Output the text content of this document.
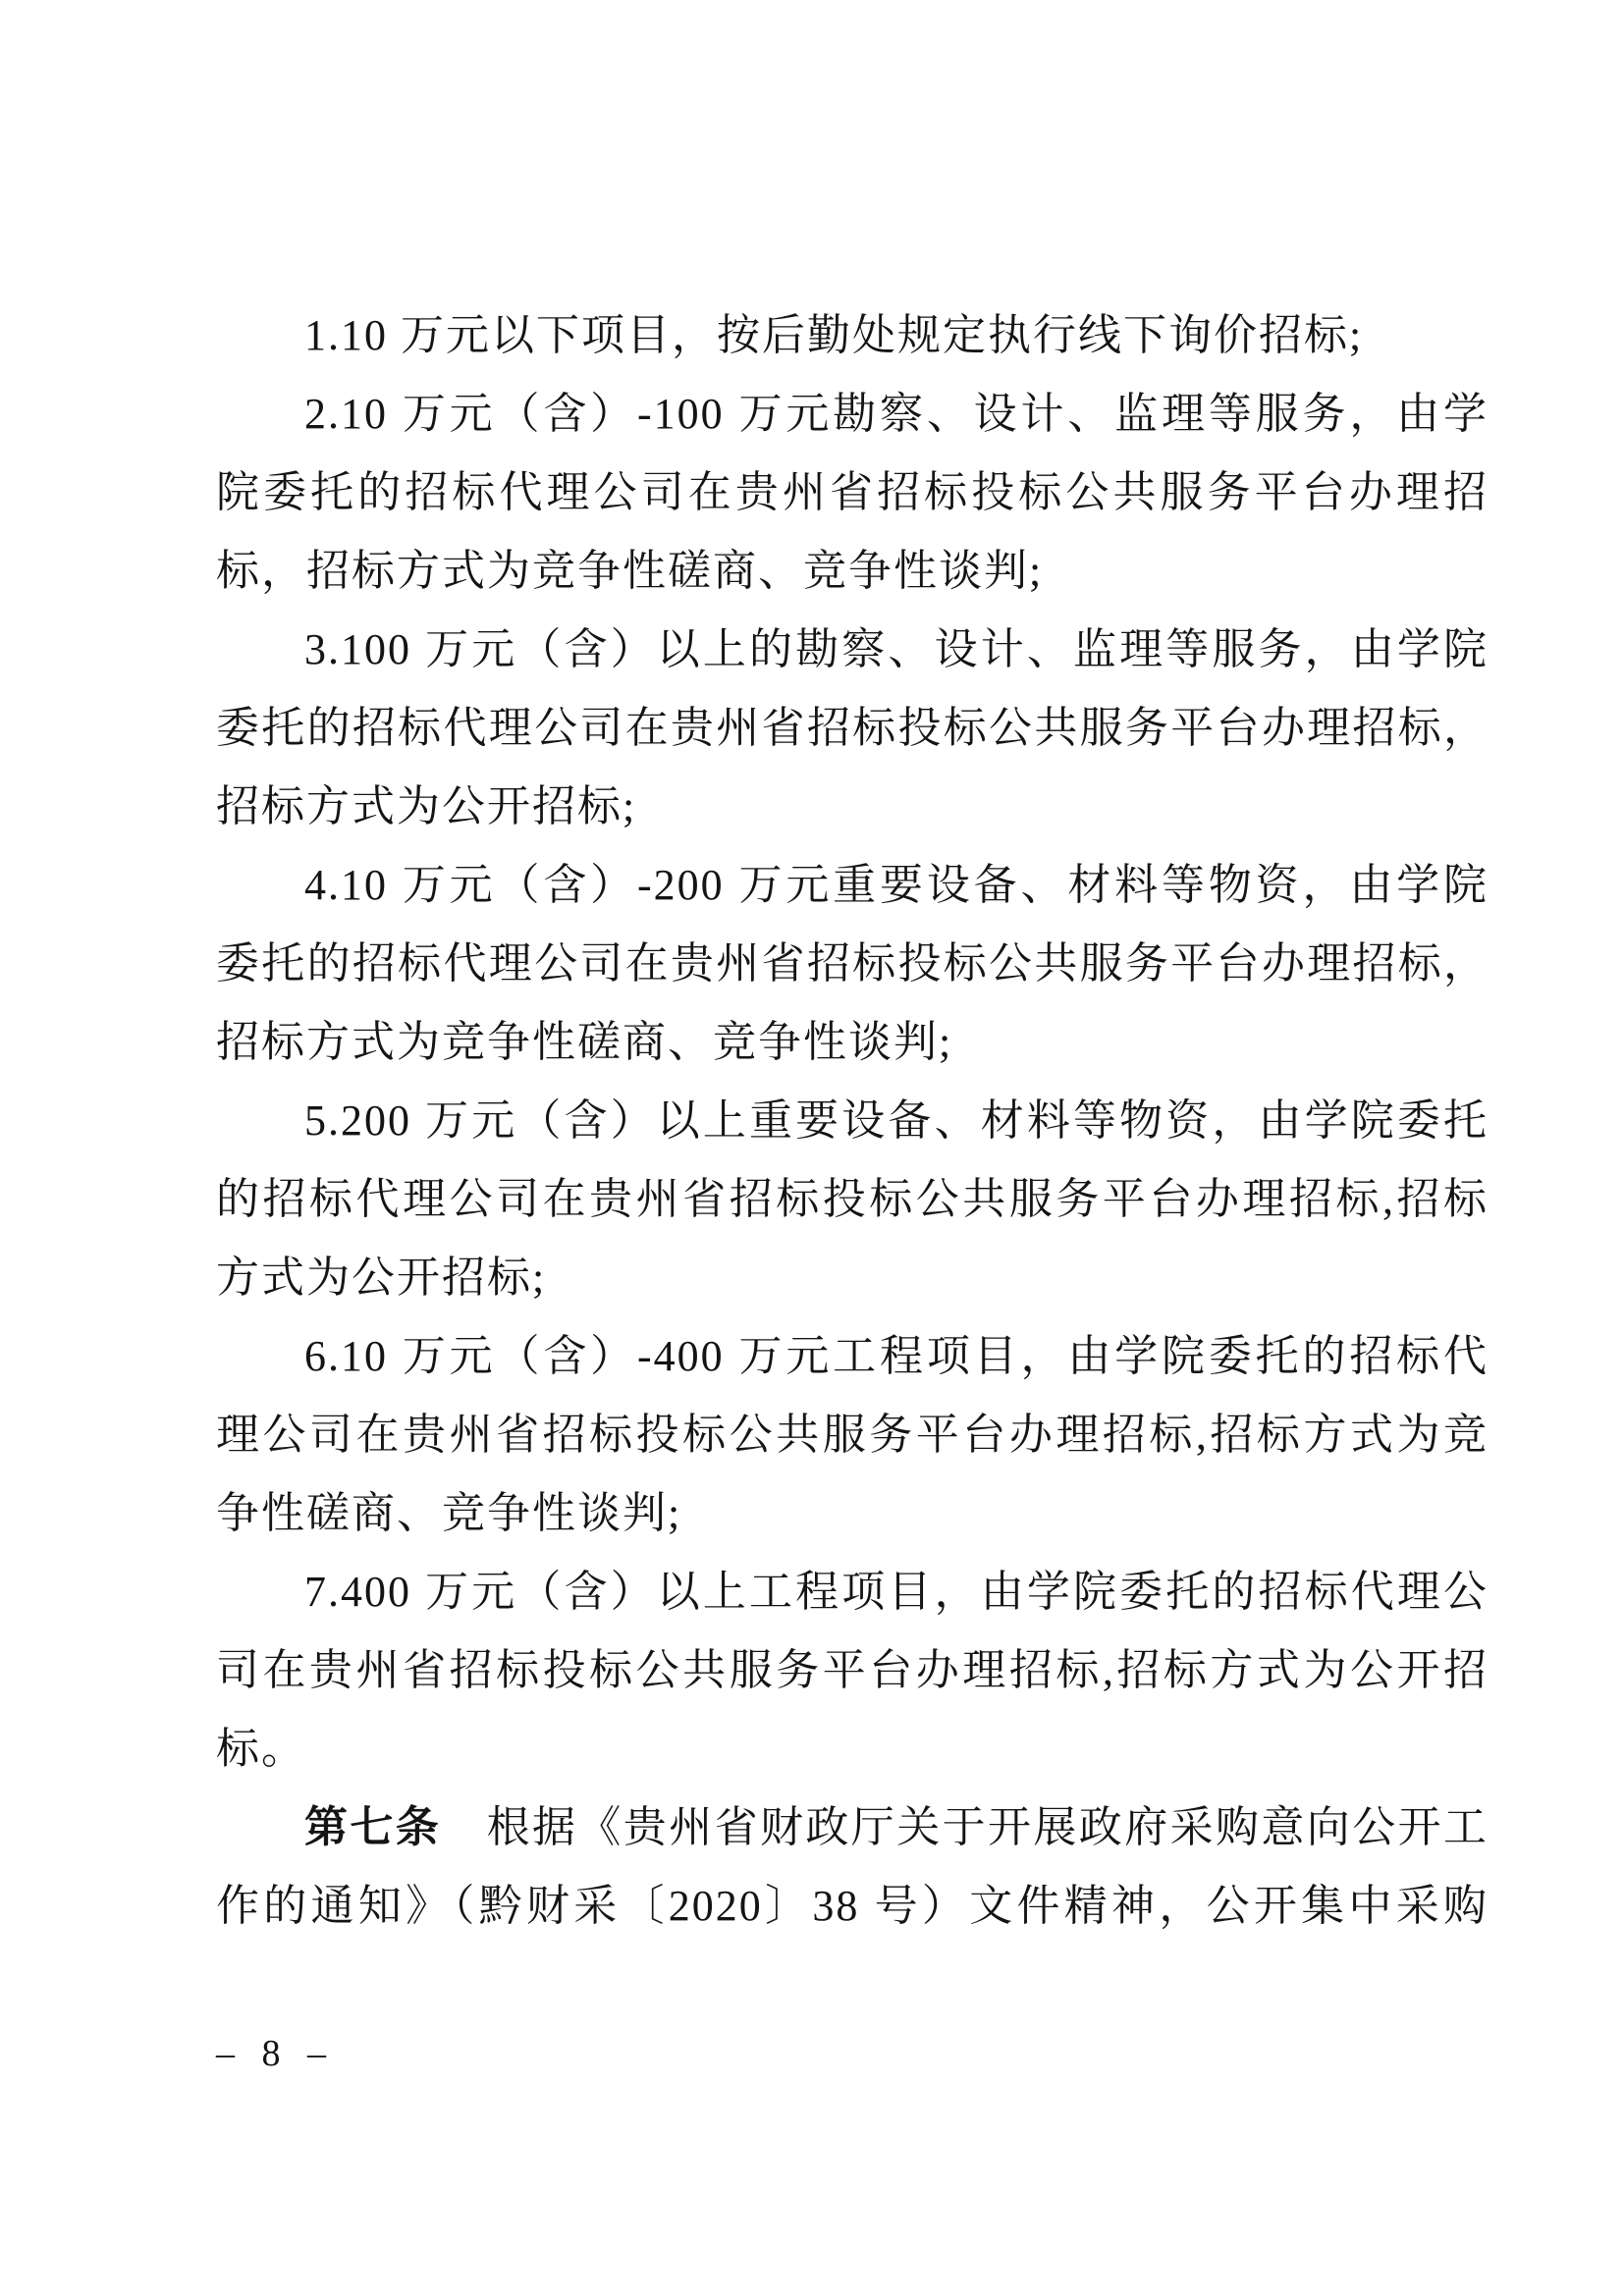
1.10 万元以下项目，按后勤处规定执行线下询价招标;
2.10 万元（含）-100 万元勘察、设计、监理等服务，由学
院委托的招标代理公司在贵州省招标投标公共服务平台办理招
标，招标方式为竞争性磋商、竞争性谈判;
3.100 万元（含）以上的勘察、设计、监理等服务，由学院
委托的招标代理公司在贵州省招标投标公共服务平台办理招标，
招标方式为公开招标;
4.10 万元（含）-200 万元重要设备、材料等物资，由学院
委托的招标代理公司在贵州省招标投标公共服务平台办理招标，
招标方式为竞争性磋商、竞争性谈判;
5.200 万元（含）以上重要设备、材料等物资，由学院委托
的招标代理公司在贵州省招标投标公共服务平台办理招标,招标
方式为公开招标;
6.10 万元（含）-400 万元工程项目，由学院委托的招标代
理公司在贵州省招标投标公共服务平台办理招标,招标方式为竞
争性磋商、竞争性谈判;
7.400 万元（含）以上工程项目，由学院委托的招标代理公
司在贵州省招标投标公共服务平台办理招标,招标方式为公开招
标。
第七条　根据《贵州省财政厅关于开展政府采购意向公开工
作的通知》（黔财采〔2020〕38 号）文件精神，公开集中采购
– 8 –
